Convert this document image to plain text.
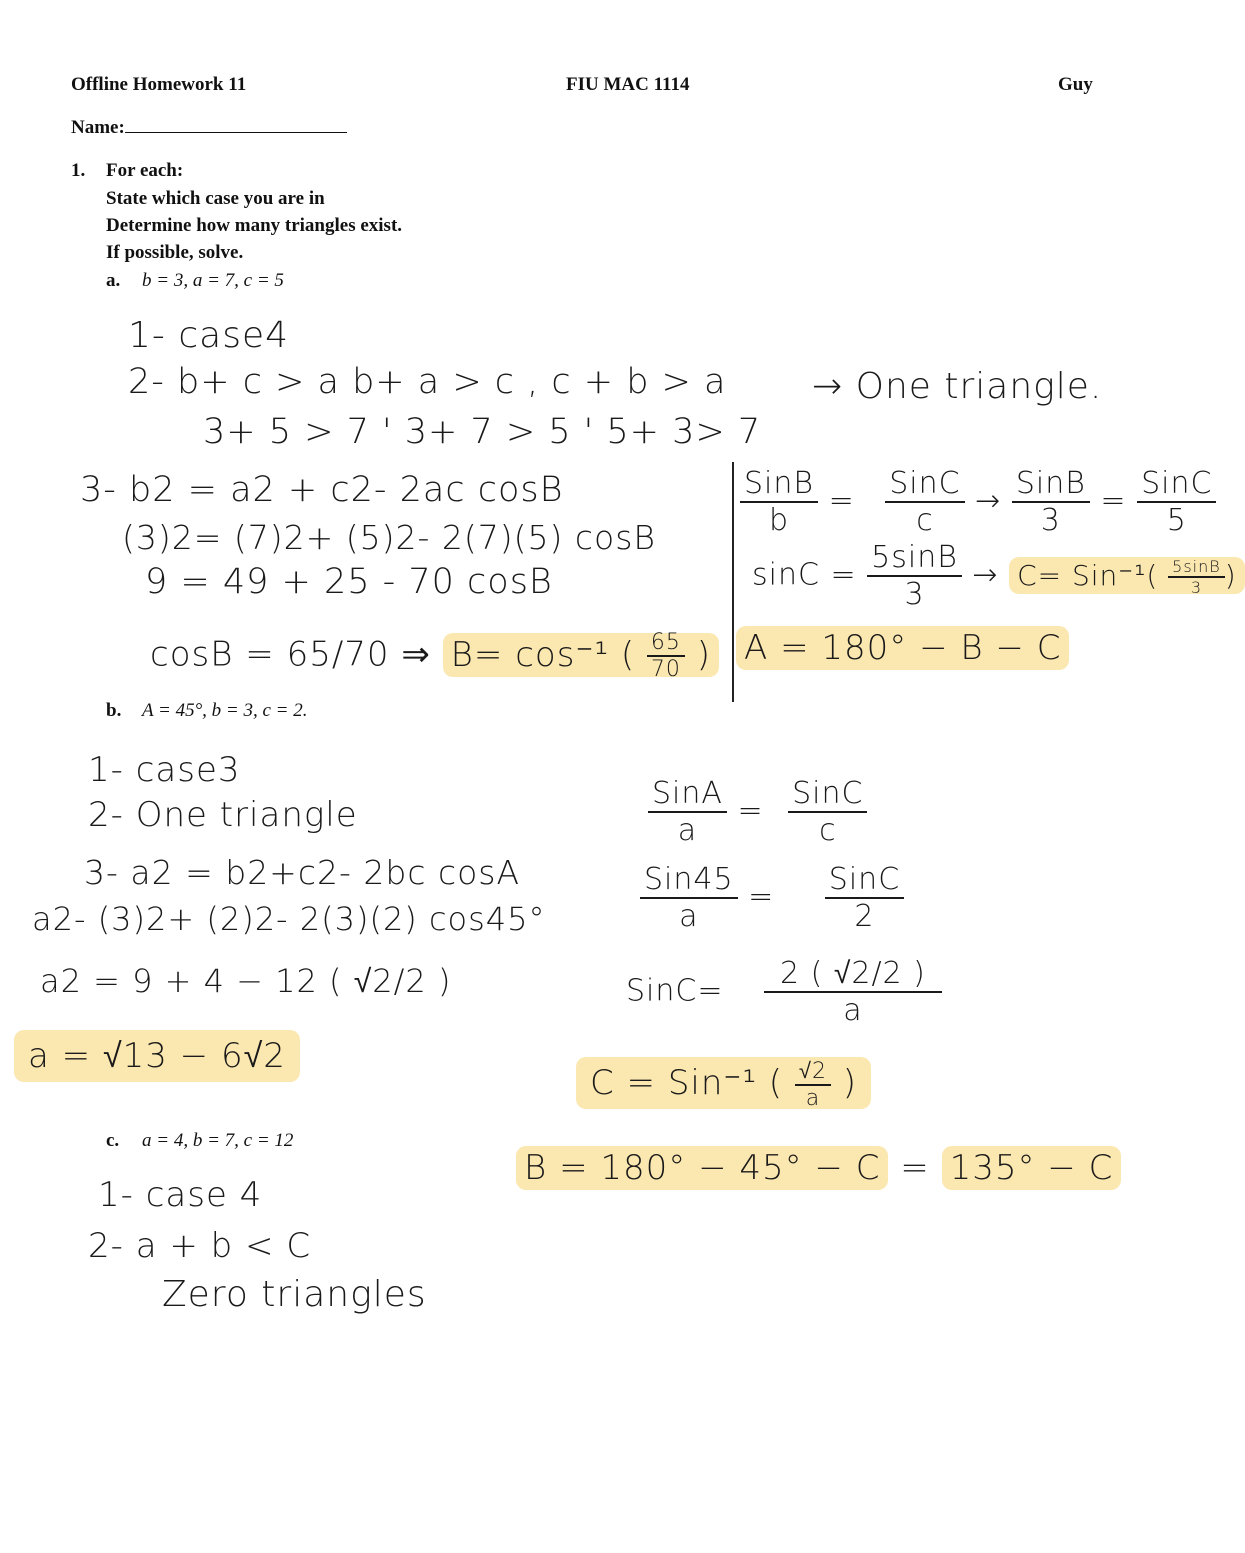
Offline Homework 11	FIU MAC 1114	Guy
Name:
1. For each:
State which case you are in
Determine how many triangles exist.
If possible, solve.
a. b = 3, a = 7, c = 5
1- case4
2- b+ c > a b+ a > c , c + b > a
3+ 5 > 7 ' 3+ 7 > 5 ' 5+ 3> 7
→ One triangle.
3- b2 = a2 + c2- 2ac cosB
(3)2= (7)2+ (5)2- 2(7)(5) cosB
9 = 49 + 25 - 70 cosB
cosB = 65/70 ⇒ B= cos⁻¹ ( $\frac{65}{70}$ )
$\frac{\text{SinB}}{b} = \frac{\text{SinC}}{c} \to \frac{\text{SinB}}{3} = \frac{\text{SinC}}{5}$
$\sin C = \frac{5\sin B}{3} \to C= Sin^{-1}( \frac{5\sin B}{3}$ )
A = 180° − B − C
b. A = 45°, b = 3, c = 2.
1- case3
2- One triangle
3- a2 = b2+c2- 2bc cosA
a2- (3)2+ (2)2- 2(3)(2) cos45°
a2 = 9 + 4 − 12 ( √2/2 )
a = √13 − 6√2
$\frac{\text{SinA}}{a} = \frac{\text{SinC}}{c}$
$\frac{\text{Sin45}}{a} = \frac{\text{SinC}}{2}$
SinC= $\frac{2 ( √2/2 )}{a}$
C = Sin⁻¹ ( $\frac{√2}{a}$ )
B = 180° − 45° − C = 135° − C
c. a = 4, b = 7, c = 12
1- case 4
2- a + b < C
Zero triangles
